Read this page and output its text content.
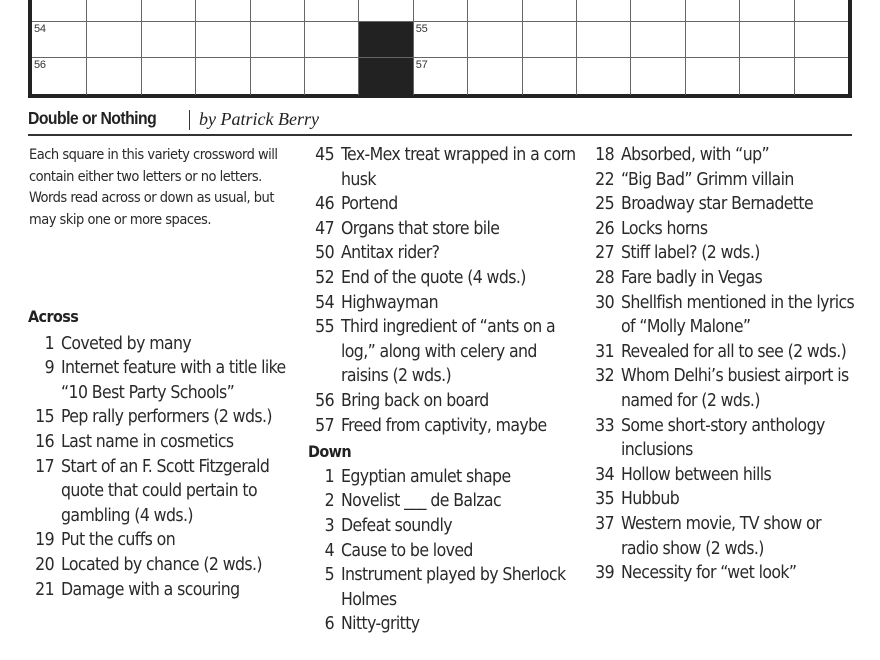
54	55
56	57
Double or Nothing by Patrick Berry
Each square in this variety crossword will contain either two letters or no letters. Words read across or down as usual, but may skip one or more spaces.
Across
1 Coveted by many
9 Internet feature with a title like “10 Best Party Schools”
15 Pep rally performers (2 wds.)
16 Last name in cosmetics
17 Start of an F. Scott Fitzgerald quote that could pertain to gambling (4 wds.)
19 Put the cuffs on
20 Located by chance (2 wds.)
21 Damage with a scouring
45 Tex-Mex treat wrapped in a corn husk
46 Portend
47 Organs that store bile
50 Antitax rider?
52 End of the quote (4 wds.)
54 Highwayman
55 Third ingredient of “ants on a log,” along with celery and raisins (2 wds.)
56 Bring back on board
57 Freed from captivity, maybe
Down
1 Egyptian amulet shape
2 Novelist ___ de Balzac
3 Defeat soundly
4 Cause to be loved
5 Instrument played by Sherlock Holmes
6 Nitty-gritty
18 Absorbed, with “up”
22 “Big Bad” Grimm villain
25 Broadway star Bernadette
26 Locks horns
27 Stiff label? (2 wds.)
28 Fare badly in Vegas
30 Shellfish mentioned in the lyrics of “Molly Malone”
31 Revealed for all to see (2 wds.)
32 Whom Delhi’s busiest airport is named for (2 wds.)
33 Some short-story anthology inclusions
34 Hollow between hills
35 Hubbub
37 Western movie, TV show or radio show (2 wds.)
39 Necessity for “wet look”
